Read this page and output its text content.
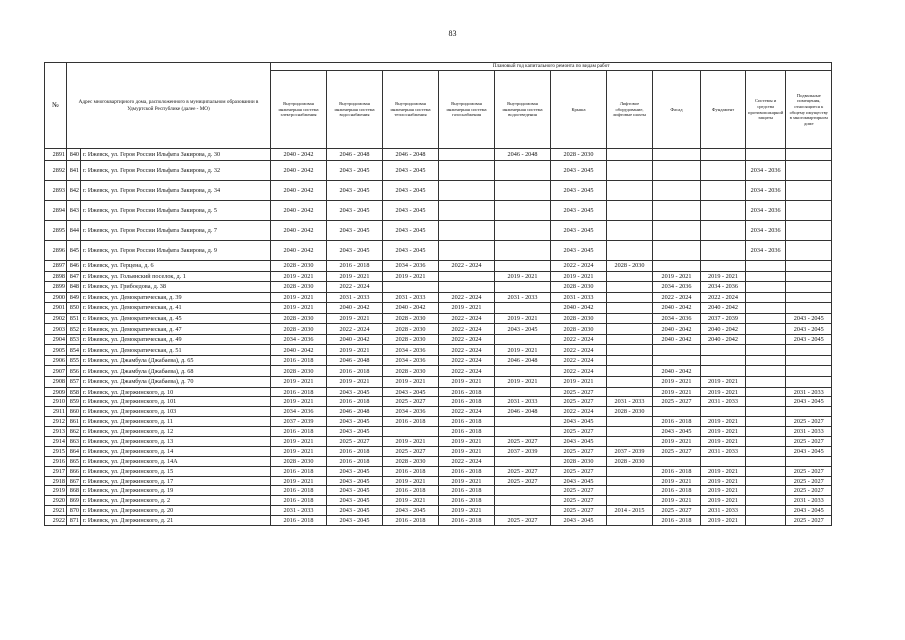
83
№	Адрес многоквартирного дома, расположенного в муниципальном образовании в Удмуртской Республике (далее - МО)		Плановый год капитального ремонта по видам работ										
			Внутридомовая инженерная система электроснабжения	Внутридомовая инженерная система водоснабжения	Внутридомовая инженерная система теплоснабжения	Внутридомовая инженерная система газоснабжения	Внутридомовая инженерная система водоотведения	Крыша	Лифтовое оборудование, лифтовые шахты	Фасад	Фундамент	Системы и средства противопожарной защиты	Подвальные помещения, относящиеся к общему имуществу в многоквартирном доме
2891	840	г. Ижевск, ул. Героя России Ильфата Закирова, д. 30	2040 - 2042	2046 - 2048	2046 - 2048		2046 - 2048	2028 - 2030					
2892	841	г. Ижевск, ул. Героя России Ильфата Закирова, д. 32	2040 - 2042	2043 - 2045	2043 - 2045			2043 - 2045				2034 - 2036	
2893	842	г. Ижевск, ул. Героя России Ильфата Закирова, д. 34	2040 - 2042	2043 - 2045	2043 - 2045			2043 - 2045				2034 - 2036	
2894	843	г. Ижевск, ул. Героя России Ильфата Закирова, д. 5	2040 - 2042	2043 - 2045	2043 - 2045			2043 - 2045				2034 - 2036	
2895	844	г. Ижевск, ул. Героя России Ильфата Закирова, д. 7	2040 - 2042	2043 - 2045	2043 - 2045			2043 - 2045				2034 - 2036	
2896	845	г. Ижевск, ул. Героя России Ильфата Закирова, д. 9	2040 - 2042	2043 - 2045	2043 - 2045			2043 - 2045				2034 - 2036	
2897	846	г. Ижевск, ул. Герцена, д. 6	2028 - 2030	2016 - 2018	2034 - 2036	2022 - 2024		2022 - 2024	2028 - 2030				
2898	847	г. Ижевск, ул. Гольянский поселок, д. 1	2019 - 2021	2019 - 2021	2019 - 2021		2019 - 2021	2019 - 2021		2019 - 2021	2019 - 2021		
2899	848	г. Ижевск, ул. Грибоедова, д. 38	2028 - 2030	2022 - 2024				2028 - 2030		2034 - 2036	2034 - 2036		
2900	849	г. Ижевск, ул. Демократическая, д. 39	2019 - 2021	2031 - 2033	2031 - 2033	2022 - 2024	2031 - 2033	2031 - 2033		2022 - 2024	2022 - 2024		
2901	850	г. Ижевск, ул. Демократическая, д. 41	2019 - 2021	2040 - 2042	2040 - 2042	2019 - 2021		2040 - 2042		2040 - 2042	2040 - 2042		
2902	851	г. Ижевск, ул. Демократическая, д. 45	2028 - 2030	2019 - 2021	2028 - 2030	2022 - 2024	2019 - 2021	2028 - 2030		2034 - 2036	2037 - 2039		2043 - 2045
2903	852	г. Ижевск, ул. Демократическая, д. 47	2028 - 2030	2022 - 2024	2028 - 2030	2022 - 2024	2043 - 2045	2028 - 2030		2040 - 2042	2040 - 2042		2043 - 2045
2904	853	г. Ижевск, ул. Демократическая, д. 49	2034 - 2036	2040 - 2042	2028 - 2030	2022 - 2024		2022 - 2024		2040 - 2042	2040 - 2042		2043 - 2045
2905	854	г. Ижевск, ул. Демократическая, д. 51	2040 - 2042	2019 - 2021	2034 - 2036	2022 - 2024	2019 - 2021	2022 - 2024					
2906	855	г. Ижевск, ул. Джамбула (Джабаева), д. 65	2016 - 2018	2046 - 2048	2034 - 2036	2022 - 2024	2046 - 2048	2022 - 2024					
2907	856	г. Ижевск, ул. Джамбула (Джабаева), д. 68	2028 - 2030	2016 - 2018	2028 - 2030	2022 - 2024		2022 - 2024		2040 - 2042			
2908	857	г. Ижевск, ул. Джамбула (Джабаева), д. 70	2019 - 2021	2019 - 2021	2019 - 2021	2019 - 2021	2019 - 2021	2019 - 2021		2019 - 2021	2019 - 2021		
2909	858	г. Ижевск, ул. Дзержинского, д. 10	2016 - 2018	2043 - 2045	2043 - 2045	2016 - 2018		2025 - 2027		2019 - 2021	2019 - 2021		2031 - 2033
2910	859	г. Ижевск, ул. Дзержинского, д. 101	2019 - 2021	2016 - 2018	2025 - 2027	2016 - 2018	2031 - 2033	2025 - 2027	2031 - 2033	2025 - 2027	2031 - 2033		2043 - 2045
2911	860	г. Ижевск, ул. Дзержинского, д. 103	2034 - 2036	2046 - 2048	2034 - 2036	2022 - 2024	2046 - 2048	2022 - 2024	2028 - 2030				
2912	861	г. Ижевск, ул. Дзержинского, д. 11	2037 - 2039	2043 - 2045	2016 - 2018	2016 - 2018		2043 - 2045		2016 - 2018	2019 - 2021		2025 - 2027
2913	862	г. Ижевск, ул. Дзержинского, д. 12	2016 - 2018	2043 - 2045		2016 - 2018		2025 - 2027		2043 - 2045	2019 - 2021		2031 - 2033
2914	863	г. Ижевск, ул. Дзержинского, д. 13	2019 - 2021	2025 - 2027	2019 - 2021	2019 - 2021	2025 - 2027	2043 - 2045		2019 - 2021	2019 - 2021		2025 - 2027
2915	864	г. Ижевск, ул. Дзержинского, д. 14	2019 - 2021	2016 - 2018	2025 - 2027	2019 - 2021	2037 - 2039	2025 - 2027	2037 - 2039	2025 - 2027	2031 - 2033		2043 - 2045
2916	865	г. Ижевск, ул. Дзержинского, д. 14А	2028 - 2030	2016 - 2018	2028 - 2030	2022 - 2024		2028 - 2030	2028 - 2030				
2917	866	г. Ижевск, ул. Дзержинского, д. 15	2016 - 2018	2043 - 2045	2016 - 2018	2016 - 2018	2025 - 2027	2025 - 2027		2016 - 2018	2019 - 2021		2025 - 2027
2918	867	г. Ижевск, ул. Дзержинского, д. 17	2019 - 2021	2043 - 2045	2019 - 2021	2019 - 2021	2025 - 2027	2043 - 2045		2019 - 2021	2019 - 2021		2025 - 2027
2919	868	г. Ижевск, ул. Дзержинского, д. 19	2016 - 2018	2043 - 2045	2016 - 2018	2016 - 2018		2025 - 2027		2016 - 2018	2019 - 2021		2025 - 2027
2920	869	г. Ижевск, ул. Дзержинского, д. 2	2016 - 2018	2043 - 2045	2019 - 2021	2016 - 2018		2025 - 2027		2019 - 2021	2019 - 2021		2031 - 2033
2921	870	г. Ижевск, ул. Дзержинского, д. 20	2031 - 2033	2043 - 2045	2043 - 2045	2019 - 2021		2025 - 2027	2014 - 2015	2025 - 2027	2031 - 2033		2043 - 2045
2922	871	г. Ижевск, ул. Дзержинского, д. 21	2016 - 2018	2043 - 2045	2016 - 2018	2016 - 2018	2025 - 2027	2043 - 2045		2016 - 2018	2019 - 2021		2025 - 2027
